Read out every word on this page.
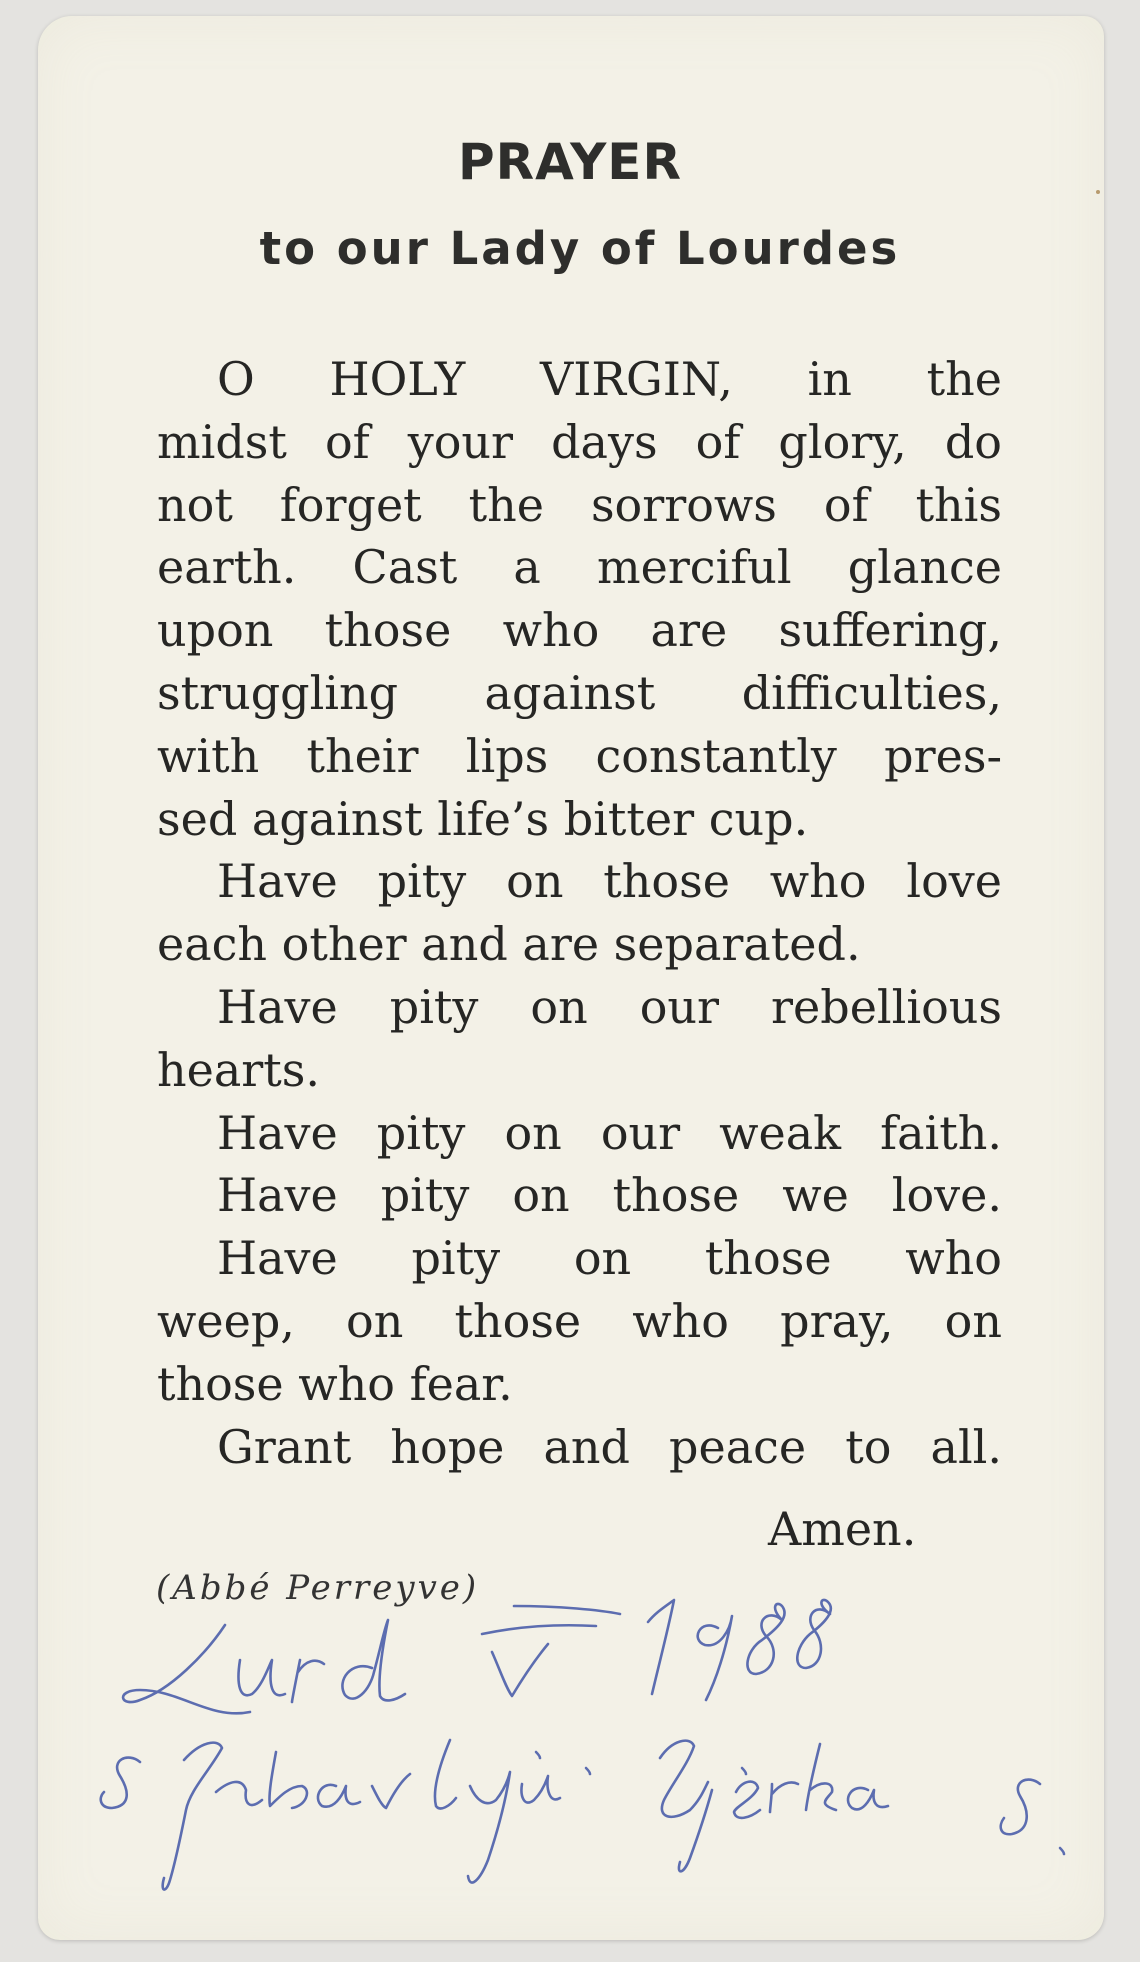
PRAYER
to our Lady of Lourdes
O HOLY VIRGIN, in the
midst of your days of glory, do
not forget the sorrows of this
earth. Cast a merciful glance
upon those who are suffering,
struggling against difficulties,
with their lips constantly pres-
sed against life’s bitter cup.
Have pity on those who love
each other and are separated.
Have pity on our rebellious
hearts.
Have pity on our weak faith.
Have pity on those we love.
Have pity on those who
weep, on those who pray, on
those who fear.
Grant hope and peace to all.
Amen.
(Abbé Perreyve)
